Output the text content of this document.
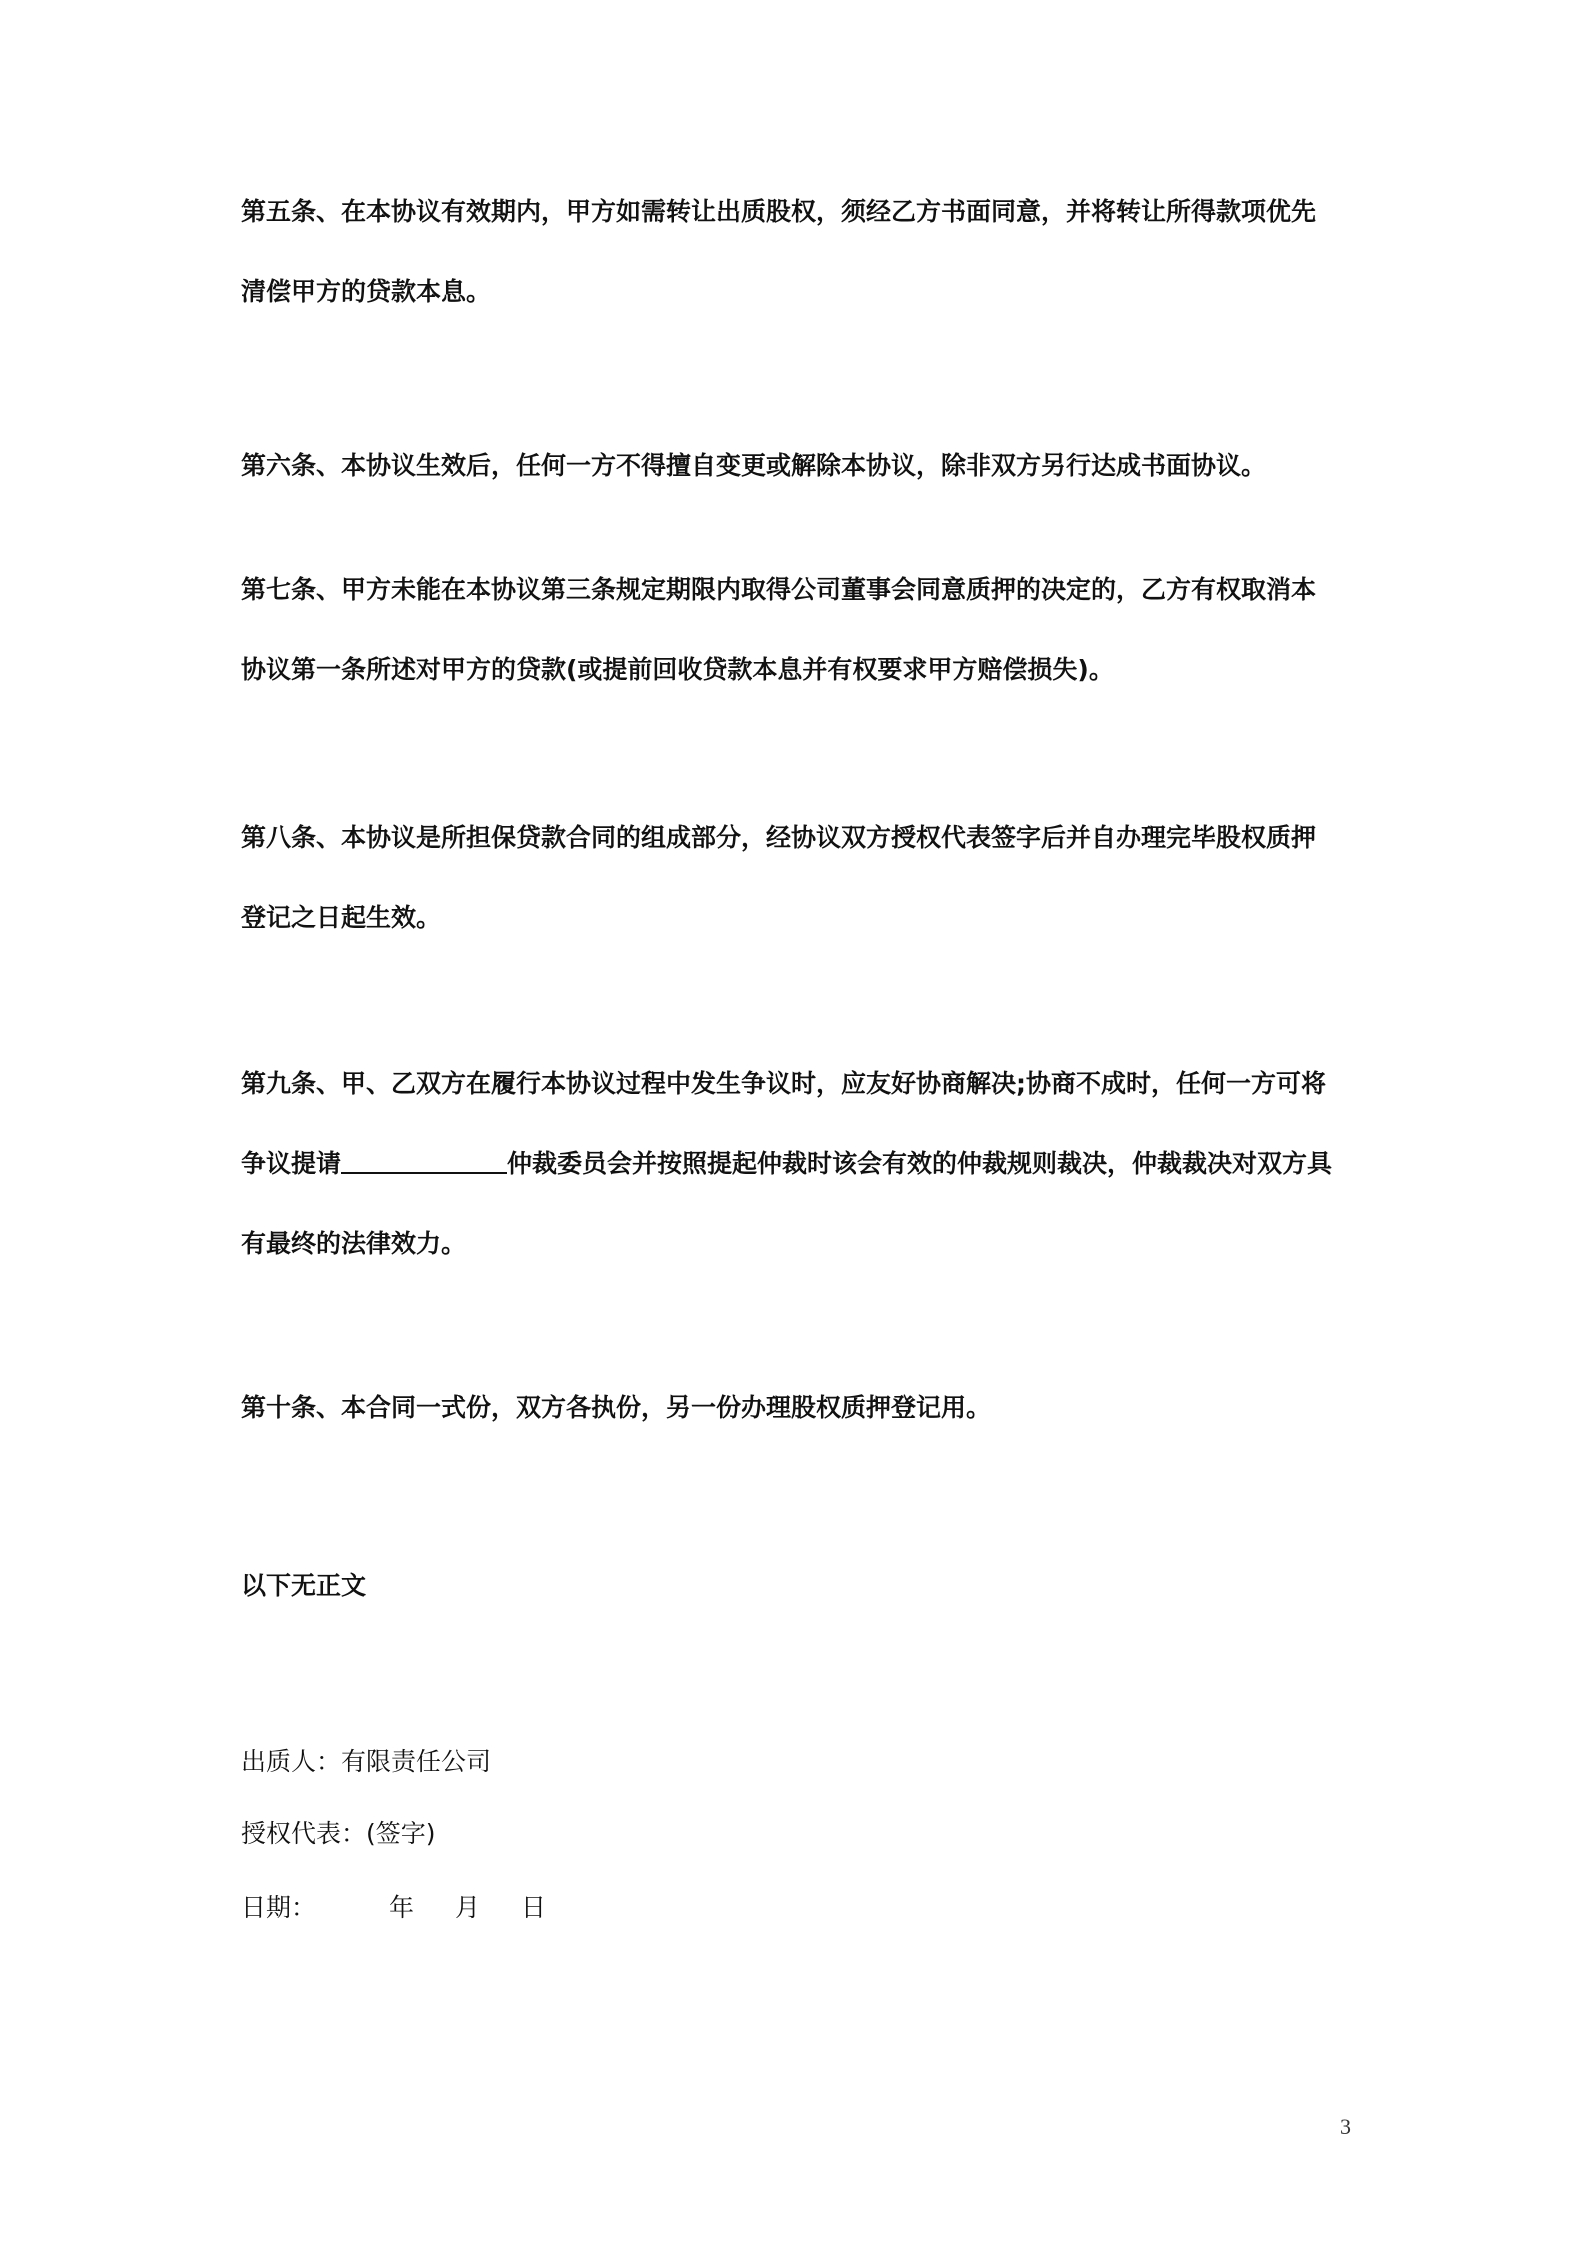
第五条、在本协议有效期内，甲方如需转让出质股权，须经乙方书面同意，并将转让所得款项优先
清偿甲方的贷款本息。
第六条、本协议生效后，任何一方不得擅自变更或解除本协议，除非双方另行达成书面协议。
第七条、甲方未能在本协议第三条规定期限内取得公司董事会同意质押的决定的，乙方有权取消本
协议第一条所述对甲方的贷款(或提前回收贷款本息并有权要求甲方赔偿损失)。
第八条、本协议是所担保贷款合同的组成部分，经协议双方授权代表签字后并自办理完毕股权质押
登记之日起生效。
第九条、甲、乙双方在履行本协议过程中发生争议时，应友好协商解决;协商不成时，任何一方可将
争议提请	仲裁委员会并按照提起仲裁时该会有效的仲裁规则裁决，仲裁裁决对双方具
有最终的法律效力。
第十条、本合同一式份，双方各执份，另一份办理股权质押登记用。
以下无正文
出质人：有限责任公司
授权代表：(签字)
日期：	年 月 日
3
